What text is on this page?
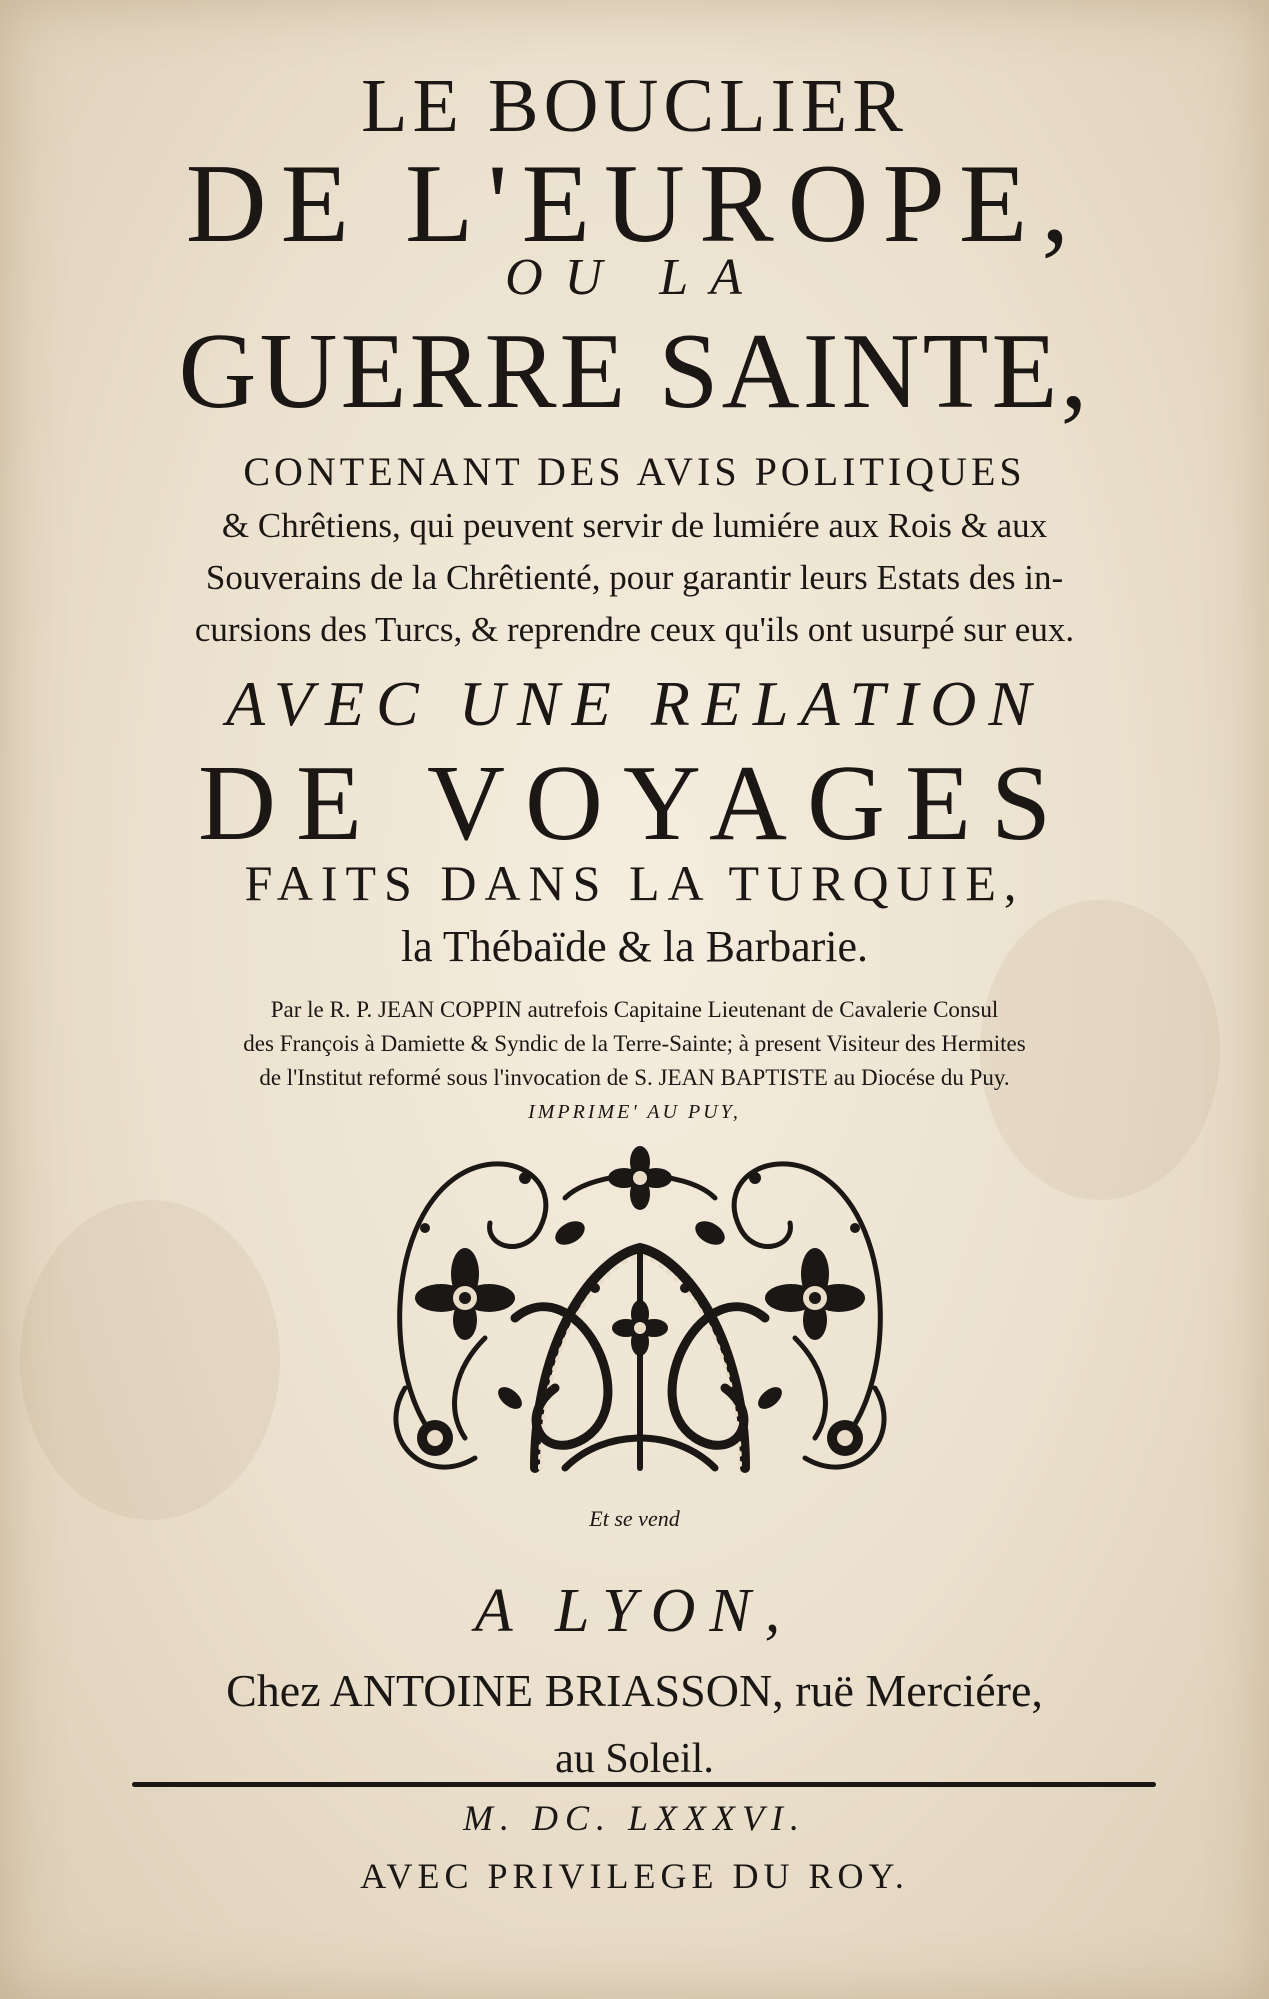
LE BOUCLIER

DE L'EUROPE,

OU LA

GUERRE SAINTE,

CONTENANT DES AVIS POLITIQUES

& Chrêtiens, qui peuvent servir de lumiére aux Rois & aux

Souverains de la Chrêtienté, pour garantir leurs Estats des in-

cursions des Turcs, & reprendre ceux qu'ils ont usurpé sur eux.

AVEC UNE RELATION

DE VOYAGES

FAITS DANS LA TURQUIE,

la Thébaïde & la Barbarie.

Par le R. P. JEAN COPPIN autrefois Capitaine Lieutenant de Cavalerie Consul

des François à Damiette & Syndic de la Terre-Sainte; à present Visiteur des Hermites

de l'Institut reformé sous l'invocation de S. JEAN BAPTISTE au Diocése du Puy.

IMPRIME' AU PUY,

Et se vend

A LYON,

Chez ANTOINE BRIASSON, ruë Merciére,

au Soleil.

M. DC. LXXXVI.

AVEC PRIVILEGE DU ROY.
